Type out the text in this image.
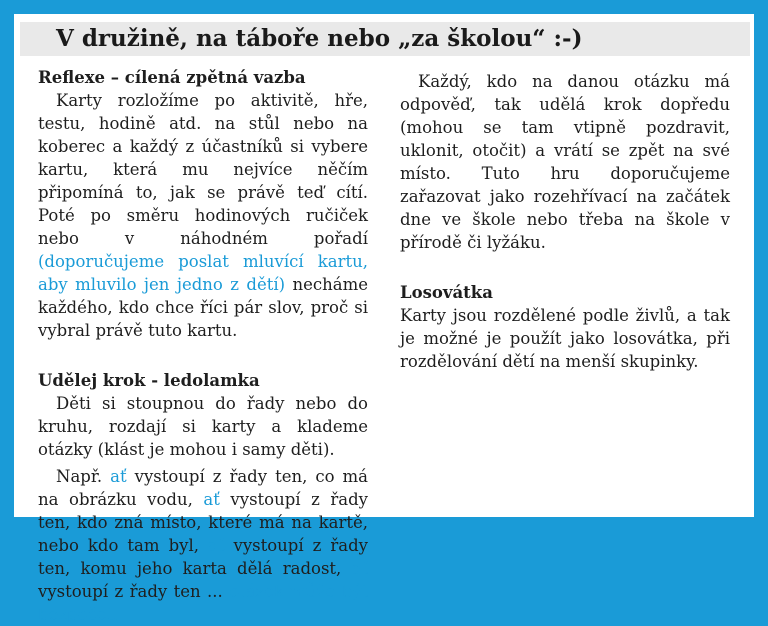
V družině, na táboře nebo „za školou“ :-)
Reflexe – cílená zpětná vazba

Karty rozložíme po aktivitě, hře, testu, hodině atd. na stůl nebo na koberec a každý z účastníků si vybere kartu, která mu nejvíce něčím připomíná to, jak se právě teď cítí. Poté po směru hodinových ručiček nebo v náhodném pořadí (doporučujeme poslat mluvící kartu, aby mluvilo jen jedno z dětí) necháme každého, kdo chce říci pár slov, proč si vybral právě tuto kartu.

Udělej krok - ledolamka

Děti si stoupnou do řady nebo do kruhu, rozdají si karty a klademe otázky (klást je mohou i samy děti).

Např. ať vystoupí z řady ten, co má na obrázku vodu, ať vystoupí z řady ten, kdo zná místo, které má na kartě, nebo kdo tam byl, ať vystoupí z řady ten, komu jeho karta dělá radost, ať vystoupí z řady ten ... otázek může být bezpočet.

Každý, kdo na danou otázku má odpověď, tak udělá krok dopředu (mohou se tam vtipně pozdravit, uklonit, otočit) a vrátí se zpět na své místo. Tuto hru doporučujeme zařazovat jako rozehřívací na začátek dne ve škole nebo třeba na škole v přírodě či lyžáku.

Losovátka

Karty jsou rozdělené podle živlů, a tak je možné je použít jako losovátka, při rozdělování dětí na menší skupinky.
